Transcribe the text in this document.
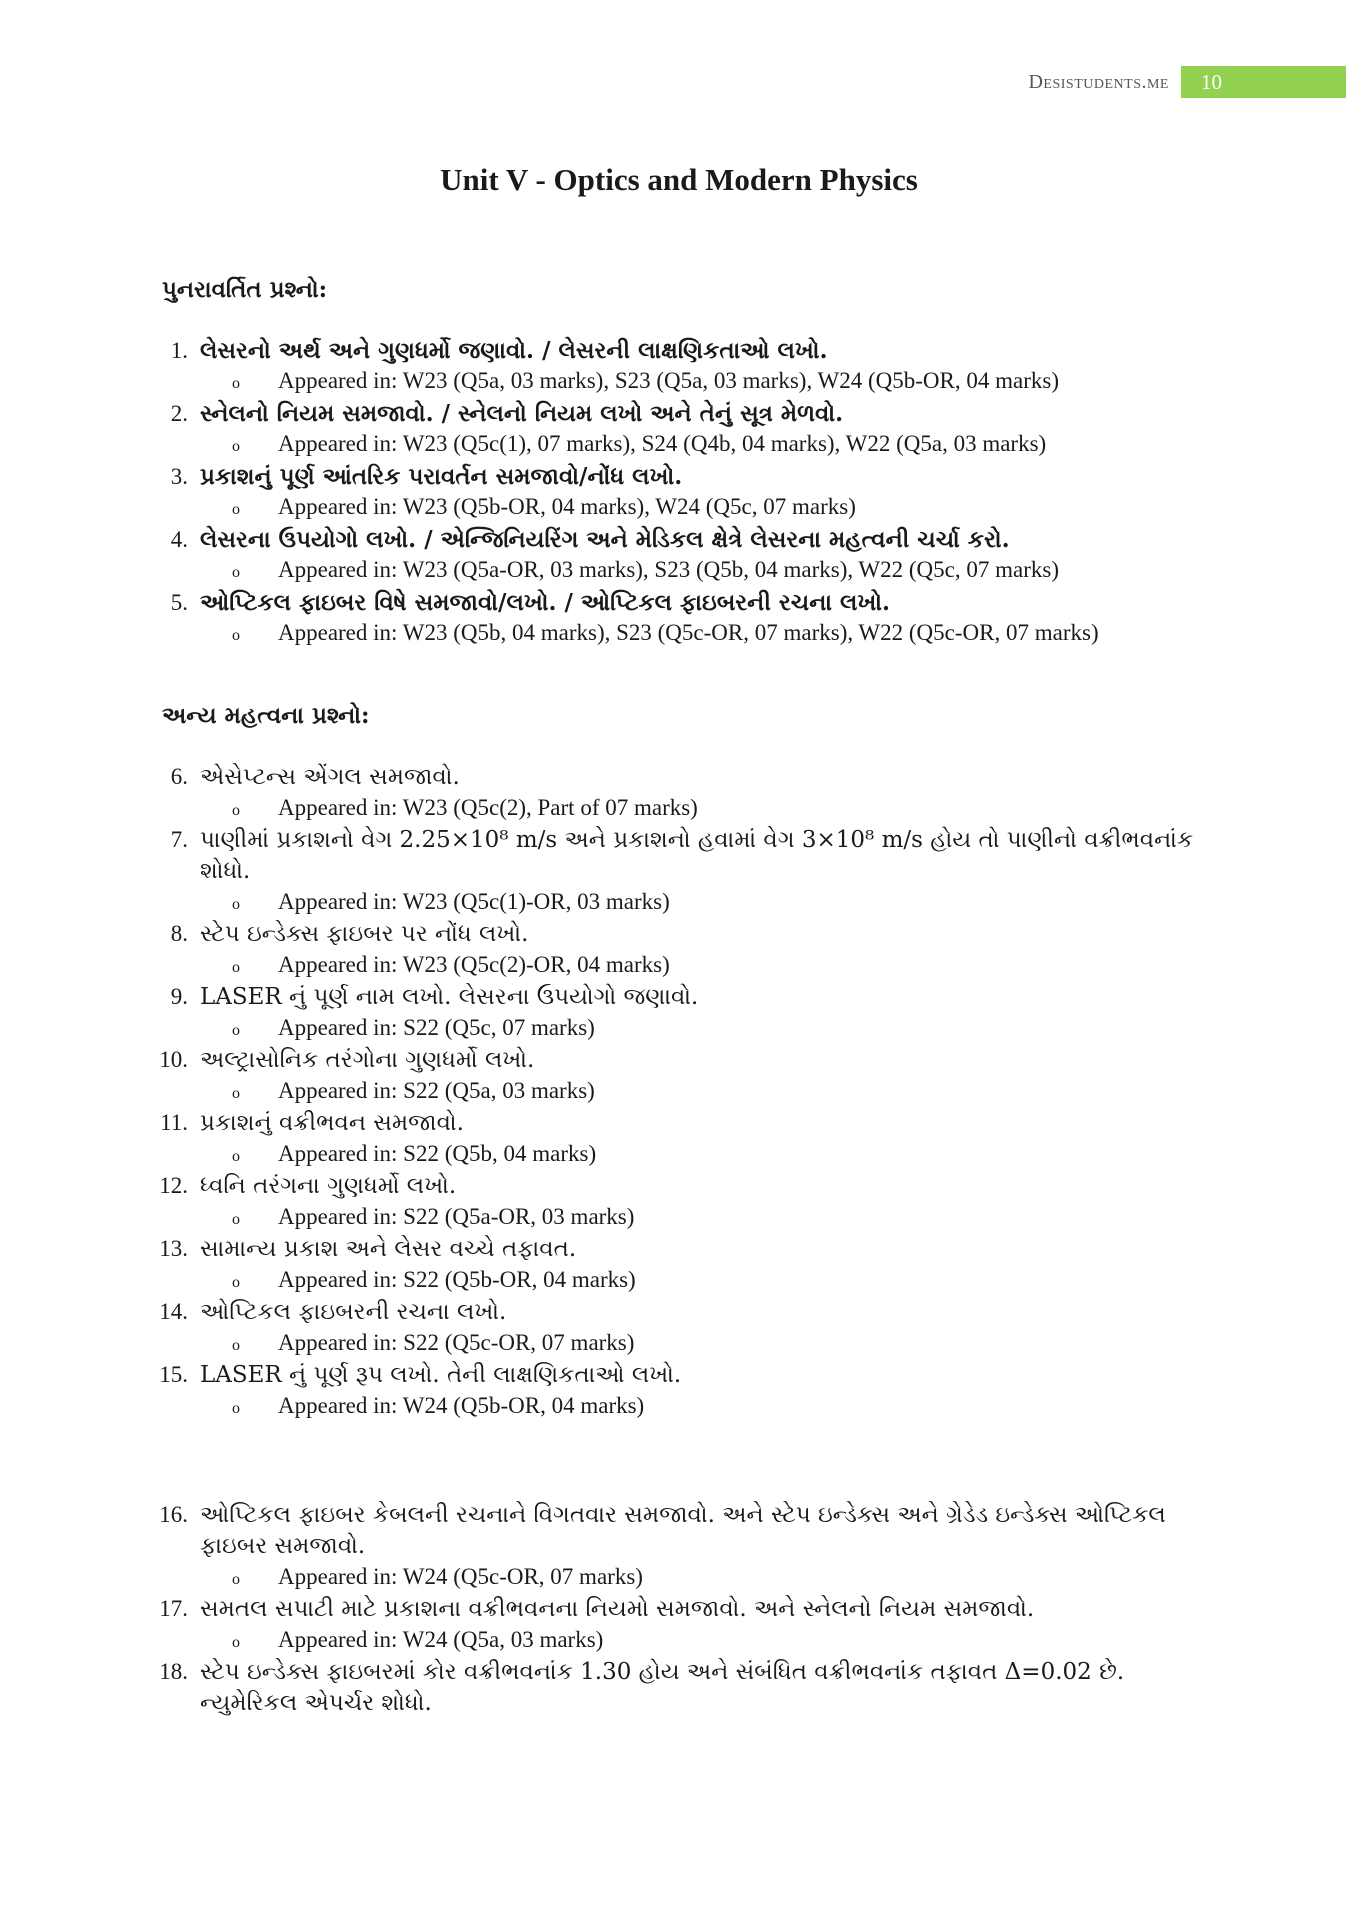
Desistudents.me	10
Unit V - Optics and Modern Physics
પુનરાવર્તિત પ્રશ્નો:
1. લેસરનો અર્થ અને ગુણધર્મો જણાવો. / લેસરની લાક્ષણિકતાઓ લખો.
o	Appeared in: W23 (Q5a, 03 marks), S23 (Q5a, 03 marks), W24 (Q5b-OR, 04 marks)
2. સ્નેલનો નિયમ સમજાવો. / સ્નેલનો નિયમ લખો અને તેનું સૂત્ર મેળવો.
o	Appeared in: W23 (Q5c(1), 07 marks), S24 (Q4b, 04 marks), W22 (Q5a, 03 marks)
3. પ્રકાશનું પૂર્ણ આંતરિક પરાવર્તન સમજાવો/નોંધ લખો.
o	Appeared in: W23 (Q5b-OR, 04 marks), W24 (Q5c, 07 marks)
4. લેસરના ઉપયોગો લખો. / એન્જિનિયરિંગ અને મેડિકલ ક્ષેત્રે લેસરના મહત્વની ચર્ચા કરો.
o	Appeared in: W23 (Q5a-OR, 03 marks), S23 (Q5b, 04 marks), W22 (Q5c, 07 marks)
5. ઓપ્ટિકલ ફાઇબર વિષે સમજાવો/લખો. / ઓપ્ટિકલ ફાઇબરની રચના લખો.
o	Appeared in: W23 (Q5b, 04 marks), S23 (Q5c-OR, 07 marks), W22 (Q5c-OR, 07 marks)
અન્ય મહત્વના પ્રશ્નો:
6. એસેપ્ટન્સ એંગલ સમજાવો.
o	Appeared in: W23 (Q5c(2), Part of 07 marks)
7. પાણીમાં પ્રકાશનો વેગ 2.25×10⁸ m/s અને પ્રકાશનો હવામાં વેગ 3×10⁸ m/s હોય તો પાણીનો વક્રીભવનાંક શોધો.
o	Appeared in: W23 (Q5c(1)-OR, 03 marks)
8. સ્ટેપ ઇન્ડેક્સ ફાઇબર પર નોંધ લખો.
o	Appeared in: W23 (Q5c(2)-OR, 04 marks)
9. LASER નું પૂર્ણ નામ લખો. લેસરના ઉપયોગો જણાવો.
o	Appeared in: S22 (Q5c, 07 marks)
10. અલ્ટ્રાસોનિક તરંગોના ગુણધર્મો લખો.
o	Appeared in: S22 (Q5a, 03 marks)
11. પ્રકાશનું વક્રીભવન સમજાવો.
o	Appeared in: S22 (Q5b, 04 marks)
12. ધ્વનિ તરંગના ગુણધર્મો લખો.
o	Appeared in: S22 (Q5a-OR, 03 marks)
13. સામાન્ય પ્રકાશ અને લેસર વચ્ચે તફાવત.
o	Appeared in: S22 (Q5b-OR, 04 marks)
14. ઓપ્ટિકલ ફાઇબરની રચના લખો.
o	Appeared in: S22 (Q5c-OR, 07 marks)
15. LASER નું પૂર્ણ રૂપ લખો. તેની લાક્ષણિકતાઓ લખો.
o	Appeared in: W24 (Q5b-OR, 04 marks)
16. ઓપ્ટિકલ ફાઇબર કેબલની રચનાને વિગતવાર સમજાવો. અને સ્ટેપ ઇન્ડેક્સ અને ગ્રેડેડ ઇન્ડેક્સ ઓપ્ટિકલ ફાઇબર સમજાવો.
o	Appeared in: W24 (Q5c-OR, 07 marks)
17. સમતલ સપાટી માટે પ્રકાશના વક્રીભવનના નિયમો સમજાવો. અને સ્નેલનો નિયમ સમજાવો.
o	Appeared in: W24 (Q5a, 03 marks)
18. સ્ટેપ ઇન્ડેક્સ ફાઇબરમાં કોર વક્રીભવનાંક 1.30 હોય અને સંબંધિત વક્રીભવનાંક તફાવત Δ=0.02 છે. ન્યુમેરિકલ એપર્ચર શોધો.
